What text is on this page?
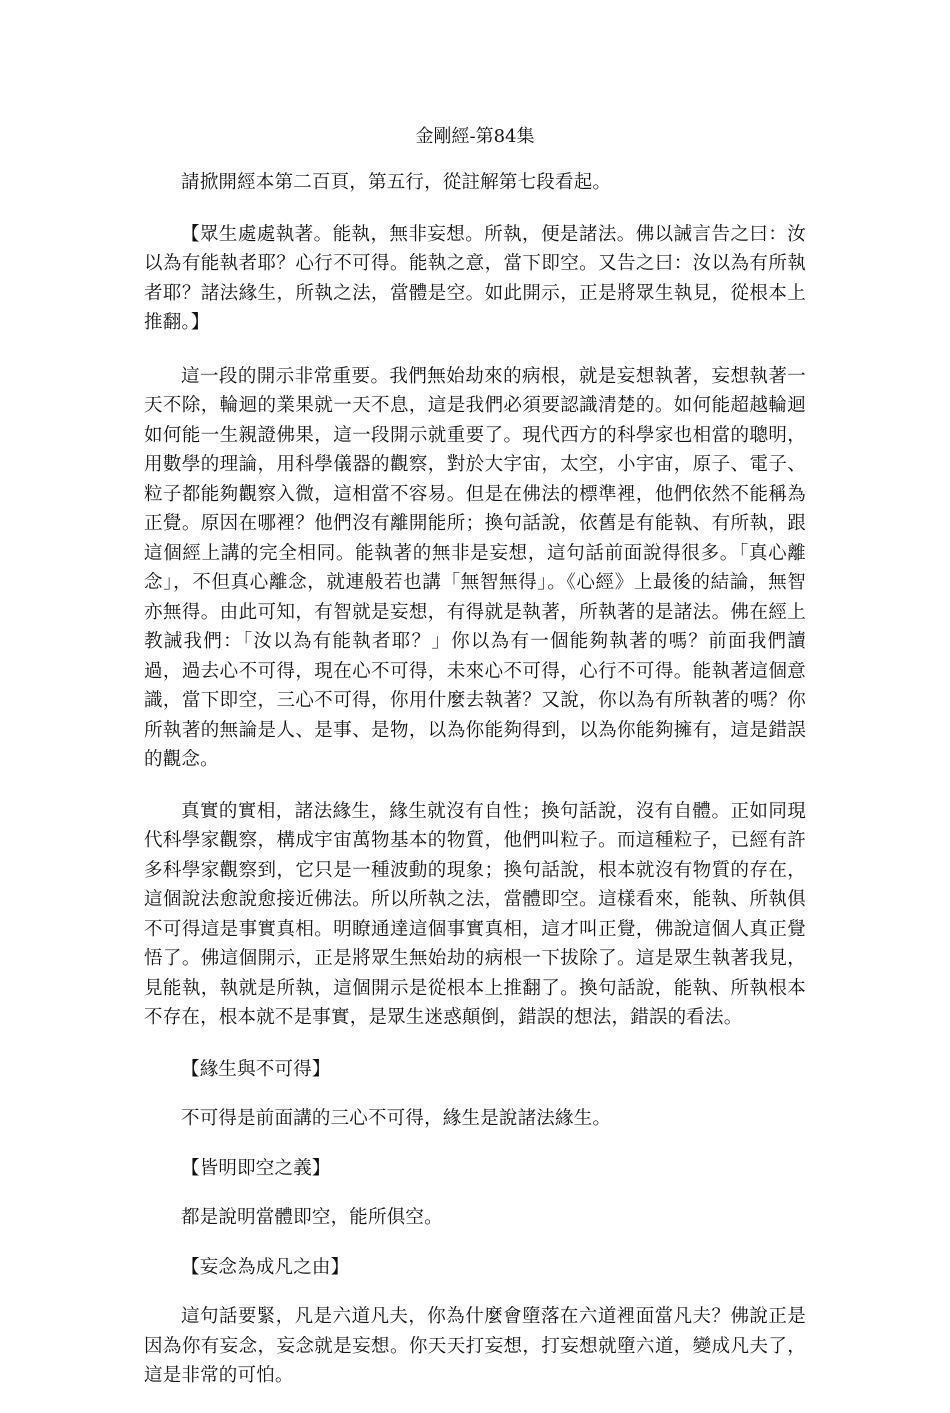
金剛經-第84集

請掀開經本第二百頁，第五行，從註解第七段看起。

【眾生處處執著。能執，無非妄想。所執，便是諸法。佛以誡言告之曰：汝以為有能執者耶？心行不可得。能執之意，當下即空。又告之曰：汝以為有所執者耶？諸法緣生，所執之法，當體是空。如此開示，正是將眾生執見，從根本上推翻。】

這一段的開示非常重要。我們無始劫來的病根，就是妄想執著，妄想執著一天不除，輪迴的業果就一天不息，這是我們必須要認識清楚的。如何能超越輪迴如何能一生親證佛果，這一段開示就重要了。現代西方的科學家也相當的聰明，用數學的理論，用科學儀器的觀察，對於大宇宙，太空，小宇宙，原子、電子、粒子都能夠觀察入微，這相當不容易。但是在佛法的標準裡，他們依然不能稱為正覺。原因在哪裡？他們沒有離開能所；換句話說，依舊是有能執、有所執，跟這個經上講的完全相同。能執著的無非是妄想，這句話前面說得很多。「真心離念」，不但真心離念，就連般若也講「無智無得」。《心經》上最後的結論，無智亦無得。由此可知，有智就是妄想，有得就是執著，所執著的是諸法。佛在經上教誡我們：「汝以為有能執者耶？」你以為有一個能夠執著的嗎？前面我們讀過，過去心不可得，現在心不可得，未來心不可得，心行不可得。能執著這個意識，當下即空，三心不可得，你用什麼去執著？又說，你以為有所執著的嗎？你所執著的無論是人、是事、是物，以為你能夠得到，以為你能夠擁有，這是錯誤的觀念。

真實的實相，諸法緣生，緣生就沒有自性；換句話說，沒有自體。正如同現代科學家觀察，構成宇宙萬物基本的物質，他們叫粒子。而這種粒子，已經有許多科學家觀察到，它只是一種波動的現象；換句話說，根本就沒有物質的存在，這個說法愈說愈接近佛法。所以所執之法，當體即空。這樣看來，能執、所執俱不可得這是事實真相。明瞭通達這個事實真相，這才叫正覺，佛說這個人真正覺悟了。佛這個開示，正是將眾生無始劫的病根一下拔除了。這是眾生執著我見，見能執，執就是所執，這個開示是從根本上推翻了。換句話說，能執、所執根本不存在，根本就不是事實，是眾生迷惑顛倒，錯誤的想法，錯誤的看法。

【緣生與不可得】

不可得是前面講的三心不可得，緣生是說諸法緣生。

【皆明即空之義】

都是說明當體即空，能所俱空。

【妄念為成凡之由】

這句話要緊，凡是六道凡夫，你為什麼會墮落在六道裡面當凡夫？佛說正是因為你有妄念，妄念就是妄想。你天天打妄想，打妄想就墮六道，變成凡夫了，這是非常的可怕。
